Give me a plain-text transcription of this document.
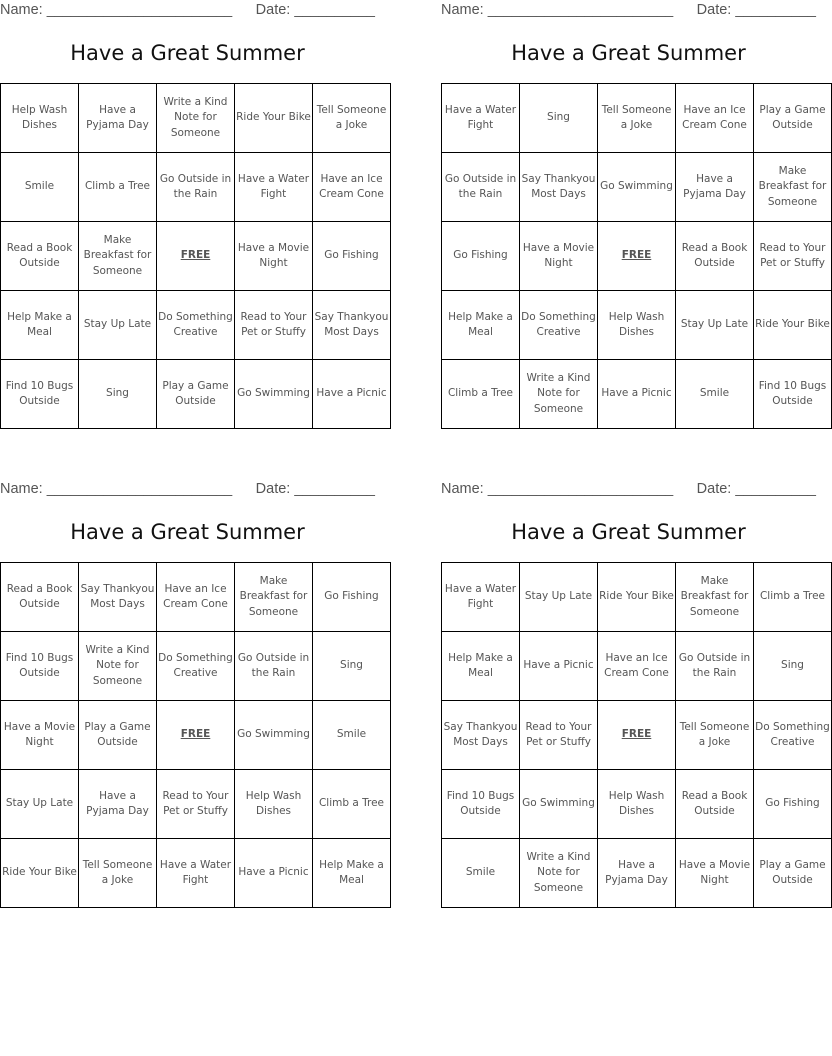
Name: _______________________ Date: __________
Have a Great Summer
Help Wash Dishes	Have a Pyjama Day	Write a Kind Note for Someone	Ride Your Bike	Tell Someone a Joke
Smile	Climb a Tree	Go Outside in the Rain	Have a Water Fight	Have an Ice Cream Cone
Read a Book Outside	Make Breakfast for Someone	FREE	Have a Movie Night	Go Fishing
Help Make a Meal	Stay Up Late	Do Something Creative	Read to Your Pet or Stuffy	Say Thankyou Most Days
Find 10 Bugs Outside	Sing	Play a Game Outside	Go Swimming	Have a Picnic
Name: _______________________ Date: __________
Have a Great Summer
Have a Water Fight	Sing	Tell Someone a Joke	Have an Ice Cream Cone	Play a Game Outside
Go Outside in the Rain	Say Thankyou Most Days	Go Swimming	Have a Pyjama Day	Make Breakfast for Someone
Go Fishing	Have a Movie Night	FREE	Read a Book Outside	Read to Your Pet or Stuffy
Help Make a Meal	Do Something Creative	Help Wash Dishes	Stay Up Late	Ride Your Bike
Climb a Tree	Write a Kind Note for Someone	Have a Picnic	Smile	Find 10 Bugs Outside
Name: _______________________ Date: __________
Have a Great Summer
Read a Book Outside	Say Thankyou Most Days	Have an Ice Cream Cone	Make Breakfast for Someone	Go Fishing
Find 10 Bugs Outside	Write a Kind Note for Someone	Do Something Creative	Go Outside in the Rain	Sing
Have a Movie Night	Play a Game Outside	FREE	Go Swimming	Smile
Stay Up Late	Have a Pyjama Day	Read to Your Pet or Stuffy	Help Wash Dishes	Climb a Tree
Ride Your Bike	Tell Someone a Joke	Have a Water Fight	Have a Picnic	Help Make a Meal
Name: _______________________ Date: __________
Have a Great Summer
Have a Water Fight	Stay Up Late	Ride Your Bike	Make Breakfast for Someone	Climb a Tree
Help Make a Meal	Have a Picnic	Have an Ice Cream Cone	Go Outside in the Rain	Sing
Say Thankyou Most Days	Read to Your Pet or Stuffy	FREE	Tell Someone a Joke	Do Something Creative
Find 10 Bugs Outside	Go Swimming	Help Wash Dishes	Read a Book Outside	Go Fishing
Smile	Write a Kind Note for Someone	Have a Pyjama Day	Have a Movie Night	Play a Game Outside
